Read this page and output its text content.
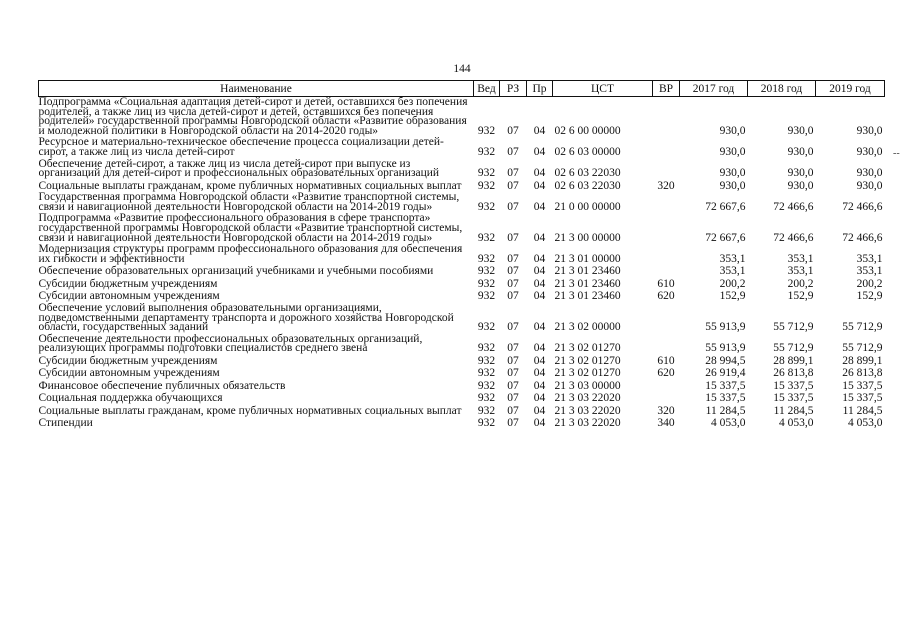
144
Наименование	Вед	РЗ	Пр	ЦСТ	ВР	2017 год	2018 год	2019 год
Подпрограмма «Социальная адаптация детей-сирот и детей, оставшихся без попечения родителей, а также лиц из числа детей-сирот и детей, оставшихся без попечения родителей» государственной программы Новгородской области «Развитие образования и молодежной политики в Новгородской области на 2014-2020 годы»	932	07	04	02 6 00 00000		930,0	930,0	930,0
Ресурсное и материально-техническое обеспечение процесса социализации детей-сирот, а также лиц из числа детей-сирот	932	07	04	02 6 03 00000		930,0	930,0	930,0
Обеспечение детей-сирот, а также лиц из числа детей-сирот при выпуске из организаций для детей-сирот и профессиональных образовательных организаций	932	07	04	02 6 03 22030		930,0	930,0	930,0
Социальные выплаты гражданам, кроме публичных нормативных социальных выплат	932	07	04	02 6 03 22030	320	930,0	930,0	930,0
Государственная программа Новгородской области «Развитие транспортной системы, связи и навигационной деятельности Новгородской области на 2014-2019 годы»	932	07	04	21 0 00 00000		72 667,6	72 466,6	72 466,6
Подпрограмма «Развитие профессионального образования в сфере транспорта» государственной программы Новгородской области «Развитие транспортной системы, связи и навигационной деятельности Новгородской области на 2014-2019 годы»	932	07	04	21 3 00 00000		72 667,6	72 466,6	72 466,6
Модернизация структуры программ профессионального образования для обеспечения их гибкости и эффективности	932	07	04	21 3 01 00000		353,1	353,1	353,1
Обеспечение образовательных организаций учебниками и учебными пособиями	932	07	04	21 3 01 23460		353,1	353,1	353,1
Субсидии бюджетным учреждениям	932	07	04	21 3 01 23460	610	200,2	200,2	200,2
Субсидии автономным учреждениям	932	07	04	21 3 01 23460	620	152,9	152,9	152,9
Обеспечение условий выполнения образовательными организациями, подведомственными департаменту транспорта и дорожного хозяйства Новгородской области, государственных заданий	932	07	04	21 3 02 00000		55 913,9	55 712,9	55 712,9
Обеспечение деятельности профессиональных образовательных организаций, реализующих программы подготовки специалистов среднего звена	932	07	04	21 3 02 01270		55 913,9	55 712,9	55 712,9
Субсидии бюджетным учреждениям	932	07	04	21 3 02 01270	610	28 994,5	28 899,1	28 899,1
Субсидии автономным учреждениям	932	07	04	21 3 02 01270	620	26 919,4	26 813,8	26 813,8
Финансовое обеспечение публичных обязательств	932	07	04	21 3 03 00000		15 337,5	15 337,5	15 337,5
Социальная поддержка обучающихся	932	07	04	21 3 03 22020		15 337,5	15 337,5	15 337,5
Социальные выплаты гражданам, кроме публичных нормативных социальных выплат	932	07	04	21 3 03 22020	320	11 284,5	11 284,5	11 284,5
Стипендии	932	07	04	21 3 03 22020	340	4 053,0	4 053,0	4 053,0
‑‑
